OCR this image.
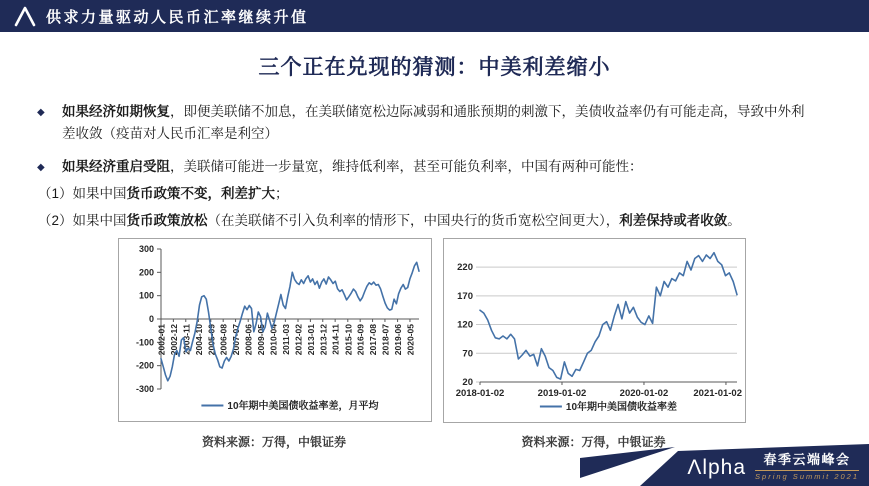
供求力量驱动人民币汇率继续升值
三个正在兑现的猜测：中美利差缩小
◆ 如果经济如期恢复，即便美联储不加息，在美联储宽松边际减弱和通胀预期的刺激下，美债收益率仍有可能走高，导致中外利
差收敛（疫苗对人民币汇率是利空）
◆ 如果经济重启受阻，美联储可能进一步量宽，维持低利率，甚至可能负利率，中国有两种可能性：
（1）如果中国货币政策不变，利差扩大；
（2）如果中国货币政策放松（在美联储不引入负利率的情形下，中国央行的货币宽松空间更大），利差保持或者收敛。
300
200
100
0
-100
-200
-300
2002-01 2002-12 2003-11 2004-10 2005-09 2006-08 2007-07 2008-06 2009-05 2010-04 2011-03 2012-02 2013-01 2013-12 2014-11 2015-10 2016-09 2017-08 2018-07 2019-06 2020-05
10年期中美国债收益率差，月平均
220
170
120
70
20
2018-01-02	2019-01-02	2020-01-02	2021-01-02
10年期中美国债收益率差
资料来源：万得，中银证券	资料来源：万得，中银证券
Λlpha 春季云端峰会
Spring Summit 2021
